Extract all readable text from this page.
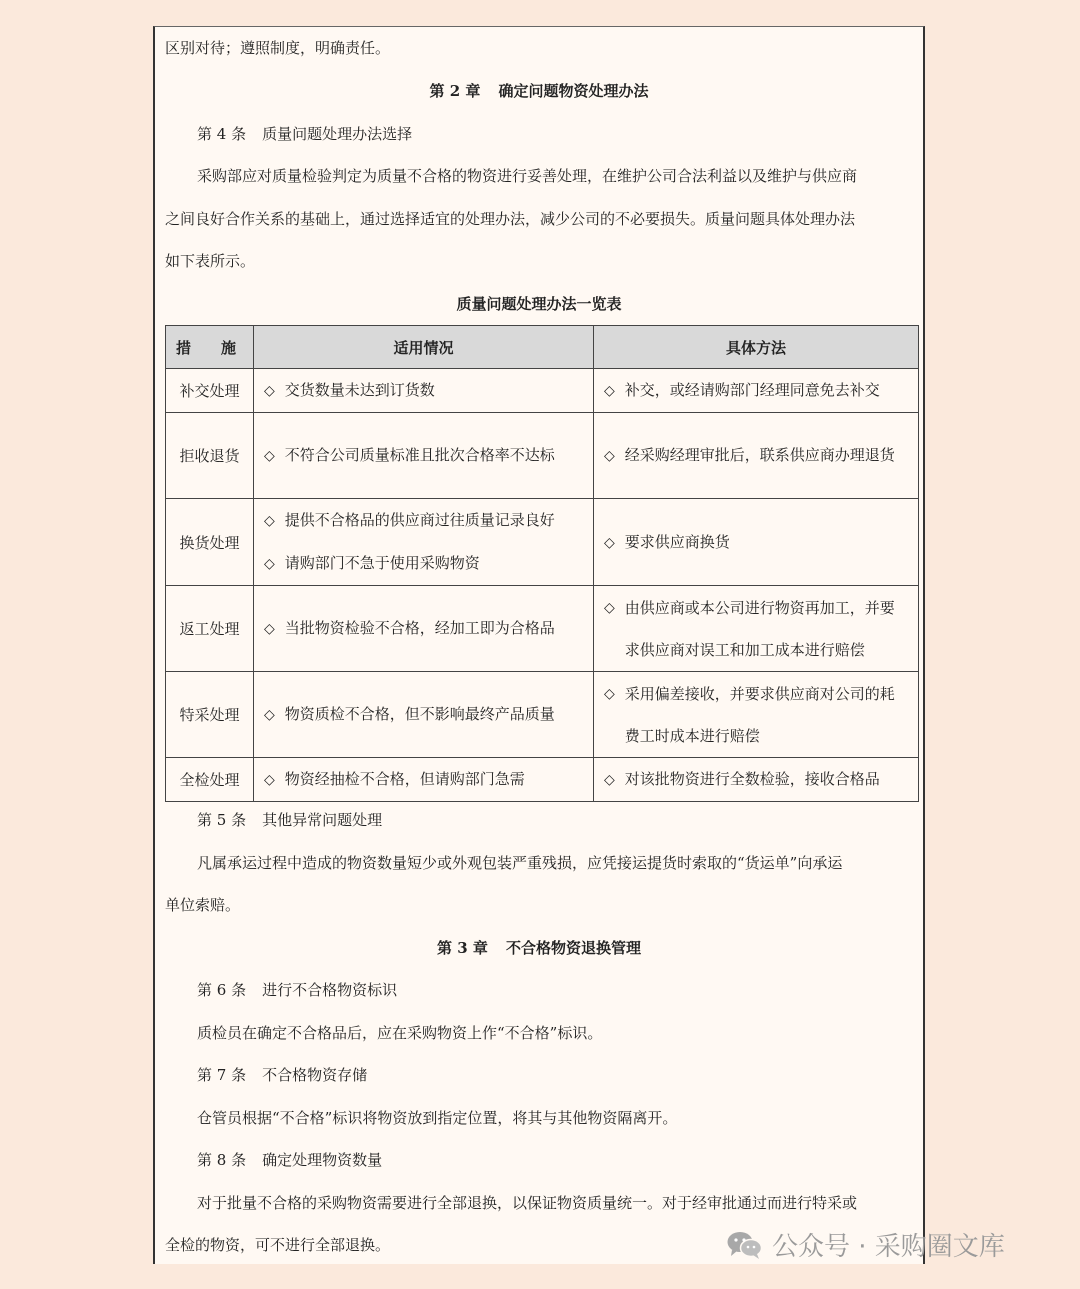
区别对待；遵照制度，明确责任。
第 2 章 确定问题物资处理办法
第 4 条 质量问题处理办法选择
采购部应对质量检验判定为质量不合格的物资进行妥善处理，在维护公司合法利益以及维护与供应商
之间良好合作关系的基础上，通过选择适宜的处理办法，减少公司的不必要损失。质量问题具体处理办法
如下表所示。
质量问题处理办法一览表
措　　施	适用情况	具体方法
补交处理	◇ 交货数量未达到订货数	◇ 补交，或经请购部门经理同意免去补交

拒收退货	◇ 不符合公司质量标准且批次合格率不达标	◇ 经采购经理审批后，联系供应商办理退货

换货处理	◇ 提供不合格品的供应商过往质量记录良好
◇ 请购部门不急于使用采购物资	◇ 要求供应商换货

返工处理	◇ 当批物资检验不合格，经加工即为合格品	◇ 由供应商或本公司进行物资再加工，并要求供应商对误工和加工成本进行赔偿

特采处理	◇ 物资质检不合格，但不影响最终产品质量	◇ 采用偏差接收，并要求供应商对公司的耗费工时成本进行赔偿

全检处理	◇ 物资经抽检不合格，但请购部门急需	◇ 对该批物资进行全数检验，接收合格品
第 5 条 其他异常问题处理
凡属承运过程中造成的物资数量短少或外观包装严重残损，应凭接运提货时索取的“货运单”向承运
单位索赔。
第 3 章 不合格物资退换管理
第 6 条 进行不合格物资标识
质检员在确定不合格品后，应在采购物资上作“不合格”标识。
第 7 条 不合格物资存储
仓管员根据“不合格”标识将物资放到指定位置，将其与其他物资隔离开。
第 8 条 确定处理物资数量
对于批量不合格的采购物资需要进行全部退换，以保证物资质量统一。对于经审批通过而进行特采或
全检的物资，可不进行全部退换。	公众号 · 采购圈文库
